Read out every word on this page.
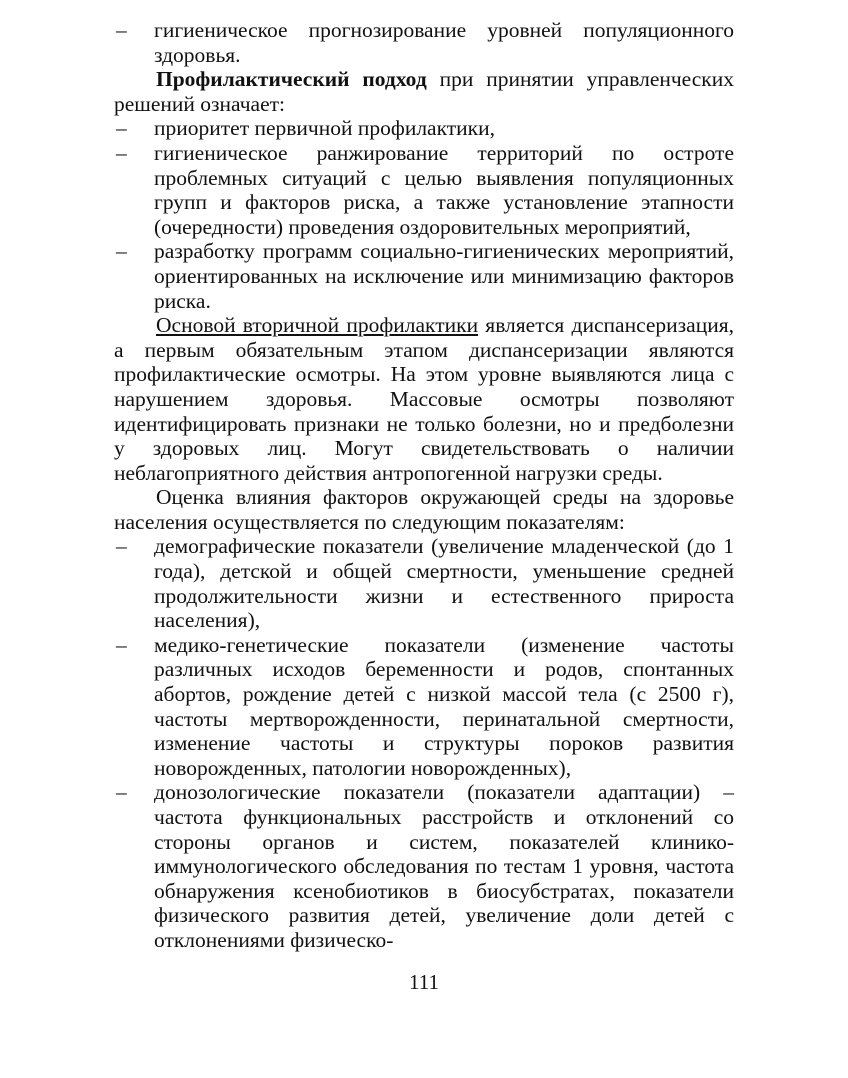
– гигиеническое прогнозирование уровней популяционного здоровья.

Профилактический подход при принятии управленческих решений означает:

– приоритет первичной профилактики,

– гигиеническое ранжирование территорий по остроте проблемных ситуаций с целью выявления популяционных групп и факторов риска, а также установление этапности (очередности) проведения оздоровительных мероприятий,

– разработку программ социально-гигиенических мероприятий, ориентированных на исключение или минимизацию факторов риска.

Основой вторичной профилактики является диспансеризация, а первым обязательным этапом диспансеризации являются профилактические осмотры. На этом уровне выявляются лица с нарушением здоровья. Массовые осмотры позволяют идентифицировать признаки не только болезни, но и предболезни у здоровых лиц. Могут свидетельствовать о наличии неблагоприятного действия антропогенной нагрузки среды.

Оценка влияния факторов окружающей среды на здоровье населения осуществляется по следующим показателям:

– демографические показатели (увеличение младенческой (до 1 года), детской и общей смертности, уменьшение средней продолжительности жизни и естественного прироста населения),

– медико-генетические показатели (изменение частоты различных исходов беременности и родов, спонтанных абортов, рождение детей с низкой массой тела (с 2500 г), частоты мертворожденности, перинатальной смертности, изменение частоты и структуры пороков развития новорожденных, патологии новорожденных),

– донозологические показатели (показатели адаптации) – частота функциональных расстройств и отклонений со стороны органов и систем, показателей клинико-иммунологического обследования по тестам 1 уровня, частота обнаружения ксенобиотиков в биосубстратах, показатели физического развития детей, увеличение доли детей с отклонениями физическо-

111
